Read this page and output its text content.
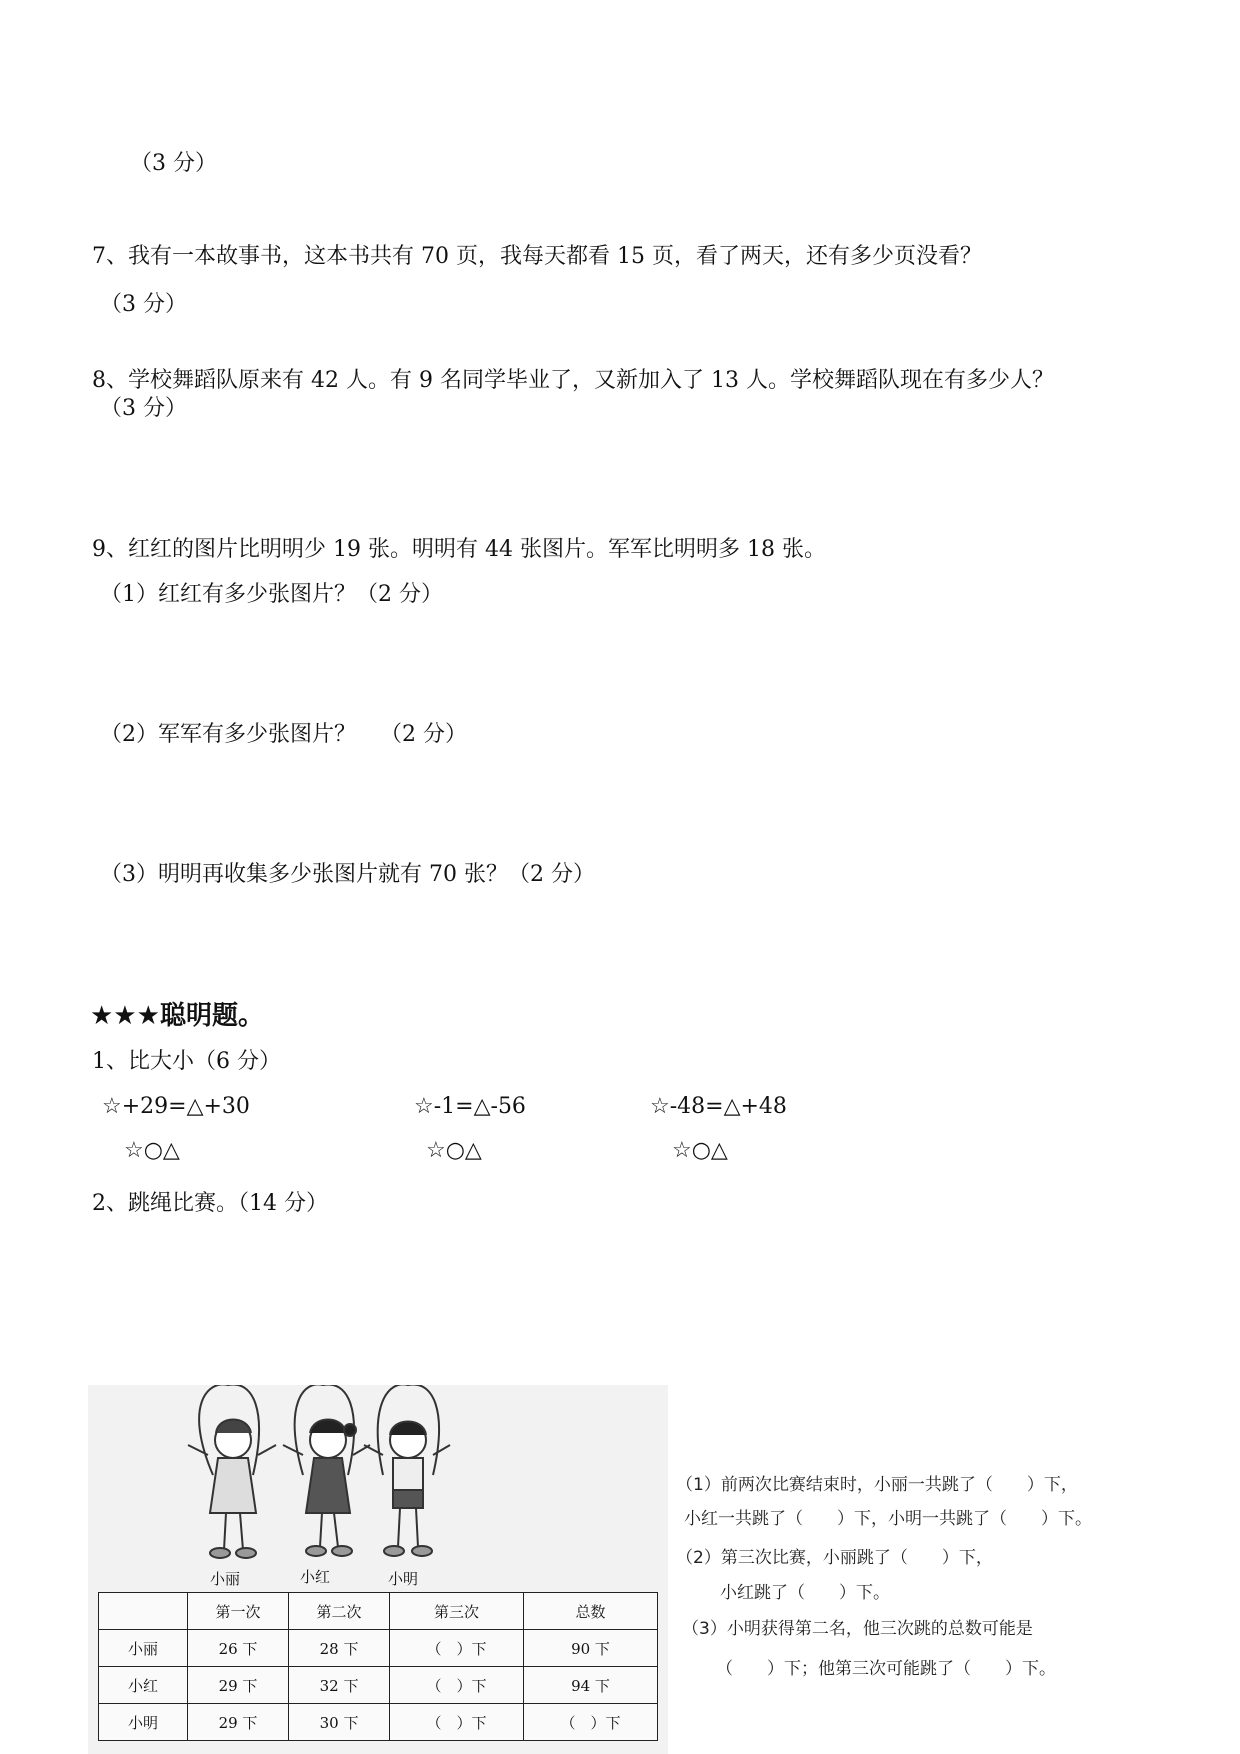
（3 分）
7、我有一本故事书，这本书共有 70 页，我每天都看 15 页，看了两天，还有多少页没看？
（3 分）
8、学校舞蹈队原来有 42 人。有 9 名同学毕业了，又新加入了 13 人。学校舞蹈队现在有多少人？
（3 分）
9、红红的图片比明明少 19 张。明明有 44 张图片。军军比明明多 18 张。
（1）红红有多少张图片？（2 分）
（2）军军有多少张图片？ （2 分）
（3）明明再收集多少张图片就有 70 张？（2 分）
★★★聪明题。
1、比大小（6 分）
☆+29=△+30	☆-1=△-56	☆-48=△+48
☆○△	☆○△	☆○△
2、跳绳比赛。（14 分）
小丽	小红	小明
	第一次	第二次	第三次	总数
小丽	26 下	28 下	（　）下	90 下
小红	29 下	32 下	（　）下	94 下
小明	29 下	30 下	（　）下	（　）下
（1）前两次比赛结束时，小丽一共跳了（　　）下，
小红一共跳了（　　）下，小明一共跳了（　　）下。
（2）第三次比赛，小丽跳了（　　）下，
小红跳了（　　）下。
（3）小明获得第二名，他三次跳的总数可能是
（　　）下；他第三次可能跳了（　　）下。
